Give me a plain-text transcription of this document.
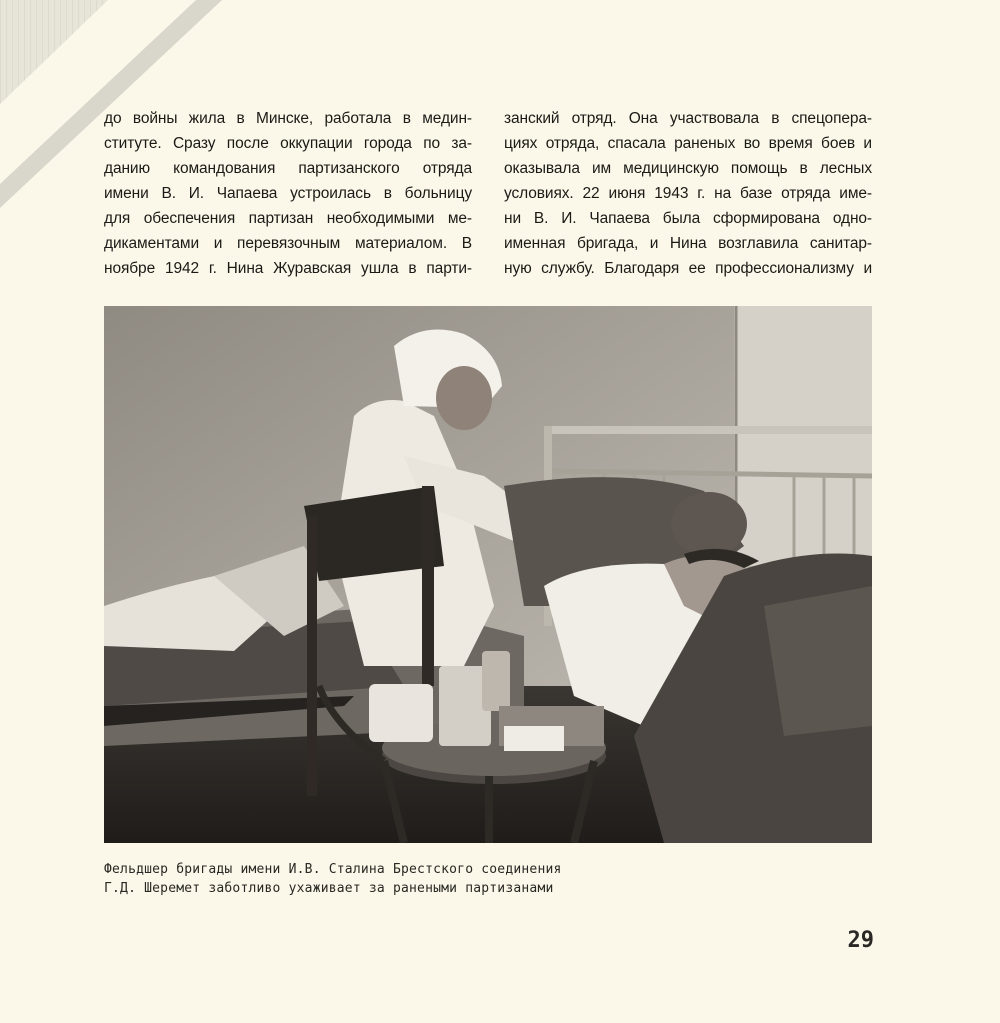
до войны жила в Минске, работала в медин-
ституте. Сразу после оккупации города по за-
данию командования партизанского отряда
имени В. И. Чапаева устроилась в больницу
для обеспечения партизан необходимыми ме-
дикаментами и перевязочным материалом. В
ноябре 1942 г. Нина Журавская ушла в парти-
занский отряд. Она участвовала в спецопера-
циях отряда, спасала раненых во время боев и
оказывала им медицинскую помощь в лесных
условиях. 22 июня 1943 г. на базе отряда име-
ни В. И. Чапаева была сформирована одно-
именная бригада, и Нина возглавила санитар-
ную службу. Благодаря ее профессионализму и
Фельдшер бригады имени И.В. Сталина Брестского соединения
Г.Д. Шеремет заботливо ухаживает за ранеными партизанами
29
